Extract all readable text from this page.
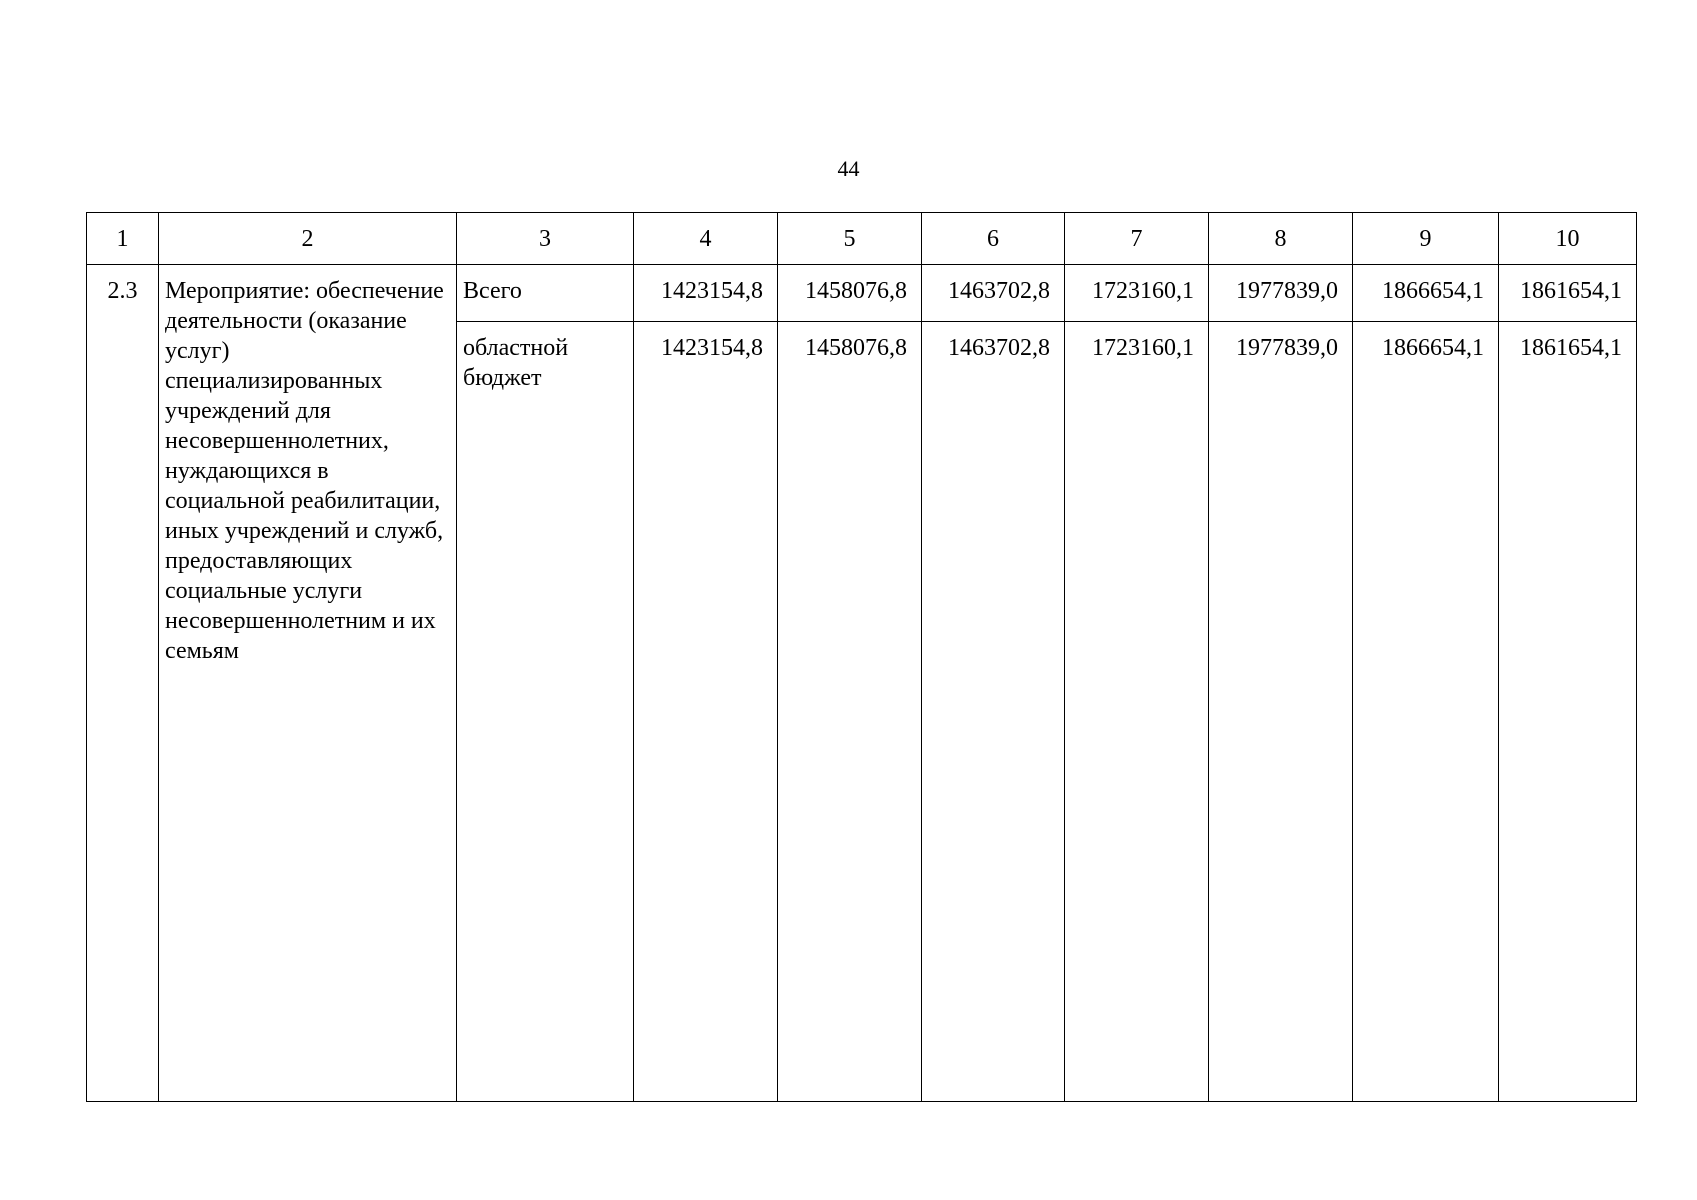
44
1	2	3	4	5	6	7	8	9	10
2.3	Мероприятие: обеспечение деятельности (оказание услуг) специализированных учреждений для несовершеннолетних, нуждающихся в социальной реабилитации, иных учреждений и служб, предоставляющих социальные услуги несовершеннолетним и их семьям	Всего	1423154,8	1458076,8	1463702,8	1723160,1	1977839,0	1866654,1	1861654,1
		областной бюджет	1423154,8	1458076,8	1463702,8	1723160,1	1977839,0	1866654,1	1861654,1
